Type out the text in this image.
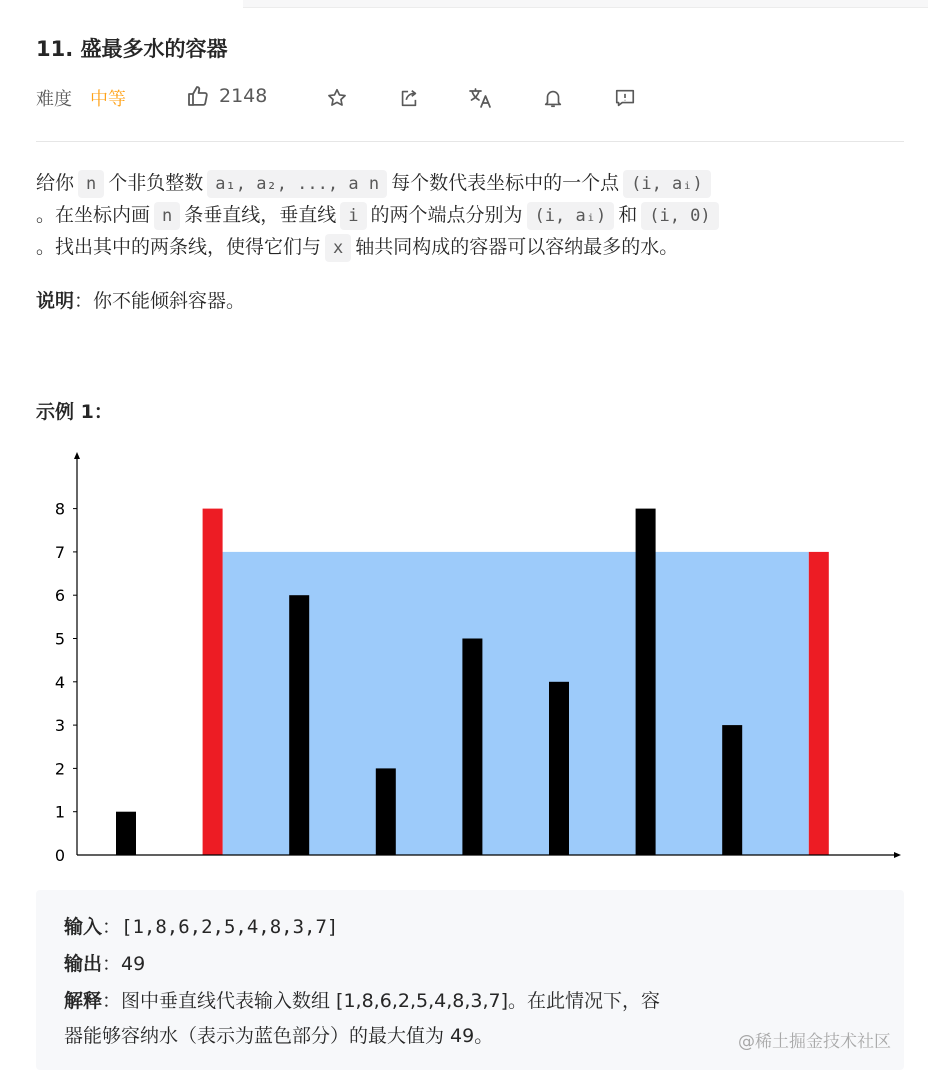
11. 盛最多水的容器
难度 中等	2148
给你 n 个非负整数 a₁, a₂, ..., a n 每个数代表坐标中的一个点 (i, aᵢ)
。在坐标内画 n 条垂直线，垂直线 i 的两个端点分别为 (i, aᵢ) 和 (i, 0)
。找出其中的两条线，使得它们与 x 轴共同构成的容器可以容纳最多的水。
说明：你不能倾斜容器。
示例 1：
0
1
2
3
4
5
6
7
8
输入：[1,8,6,2,5,4,8,3,7]
输出：49
解释：图中垂直线代表输入数组 [1,8,6,2,5,4,8,3,7]。在此情况下，容
器能够容纳水（表示为蓝色部分）的最大值为 49。	@稀土掘金技术社区
